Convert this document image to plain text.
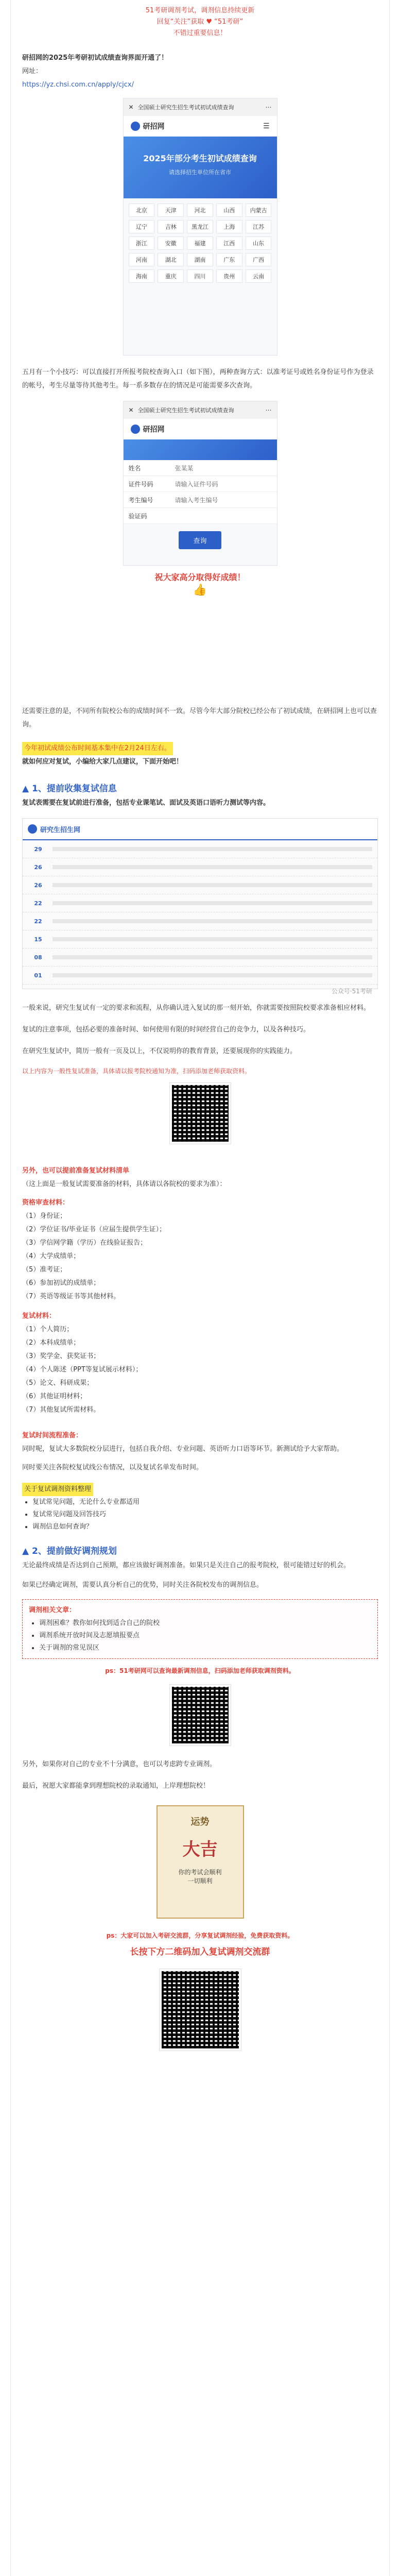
51考研调剂考试，调剂信息持续更新
回复“关注”获取 ♥ “51考研”
不错过重要信息！

研招网的2025年考研初试成绩查询界面开通了！

网址：

https://yz.chsi.com.cn/apply/cjcx/

✕ 全国硕士研究生招生考试初试成绩查询	⋯
研招网	☰
2025年部分考生初试成绩查询
请选择招生单位所在省市
北京	天津	河北	山西	内蒙古
辽宁	吉林	黑龙江	上海	江苏
浙江	安徽	福建	江西	山东
河南	湖北	湖南	广东	广西
海南	重庆	四川	贵州	云南

五月有一个小技巧：可以直接打开所报考院校查询入口（如下图），两种查询方式：以准考证号或姓名身份证号作为登录的帐号，考生尽量等待其他考生。每一系多数存在的情况是可能需要多次查询。

✕ 全国硕士研究生招生考试初试成绩查询	⋯
研招网
姓名	张某某
证件号码	请输入证件号码
考生编号	请输入考生编号
验证码
查询
祝大家高分取得好成绩！
👍

还需要注意的是，不同所有院校公布的成绩时间不一致。尽管今年大部分院校已经公布了初试成绩，在研招网上也可以查询。

今年初试成绩公布时间基本集中在2月24日左右。

就如何应对复试，小编给大家几点建议，下面开始吧！

▲ 1、提前收集复试信息

复试表需要在复试前进行准备，包括专业课笔试、面试及英语口语听力测试等内容。

研究生招生网
29
26
26
22
22
15
08
01
公众号·51考研

一般来说，研究生复试有一定的要求和流程，从你确认进入复试的那一刻开始，你就需要按照院校要求准备相应材料。

复试的注意事项，包括必要的准备时间、如何使用有限的时间经营自己的竞争力，以及各种技巧。

在研究生复试中，简历一般有一页及以上，不仅说明你的教育背景，还要展现你的实践能力。

以上内容为一般性复试准备，具体请以报考院校通知为准，扫码添加老师获取资料。

另外，也可以提前准备复试材料清单

（这上面是一般复试需要准备的材料，具体请以各院校的要求为准）：

资格审查材料：

（1）身份证；

（2）学位证书/毕业证书（应届生提供学生证）；

（3）学信网学籍（学历）在线验证报告；

（4）大学成绩单；

（5）准考证；

（6）参加初试的成绩单；

（7）英语等级证书等其他材料。

复试材料：

（1）个人简历；

（2）本科成绩单；

（3）奖学金、获奖证书；

（4）个人陈述（PPT等复试展示材料）；

（5）论文、科研成果；

（6）其他证明材料；

（7）其他复试所需材料。

复试时间流程准备：

同时呢，复试大多数院校分层进行，包括自我介绍、专业问题、英语听力口语等环节。新测试给予大家帮助。

同时要关注各院校复试线公布情况，以及复试名单发布时间。

关于复试调剂资料整理

• 复试常见问题，无论什么专业都适用
• 复试常见问题及回答技巧
• 调剂信息如何查询？
▲ 2、提前做好调剂规划

无论最终成绩是否达到自己预期，都应该做好调剂准备。如果只是关注自己的报考院校，很可能错过好的机会。

如果已经确定调剂，需要认真分析自己的优势，同时关注各院校发布的调剂信息。

调剂相关文章：

• 调剂困难？教你如何找到适合自己的院校
• 调剂系统开放时间及志愿填报要点
• 关于调剂的常见误区

ps：51考研网可以查询最新调剂信息，扫码添加老师获取调剂资料。

另外，如果你对自己的专业不十分满意，也可以考虑跨专业调剂。

最后，祝愿大家都能拿到理想院校的录取通知，上岸理想院校！

运势
大吉
你的考试会顺利
一切顺利

ps：大家可以加入考研交流群，分享复试调剂经验，免费获取资料。

长按下方二维码加入复试调剂交流群
